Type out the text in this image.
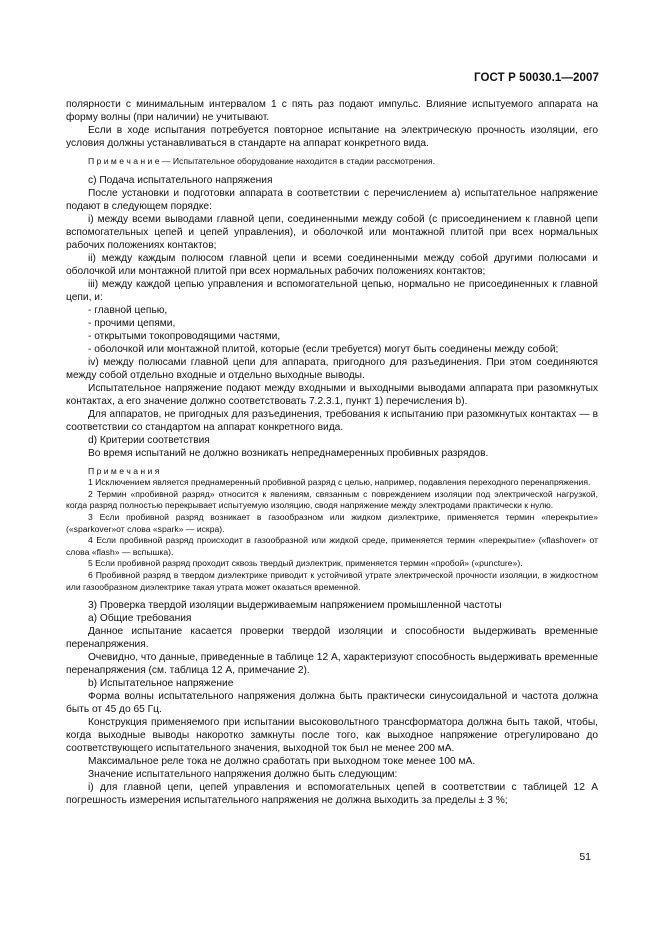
ГОСТ Р 50030.1—2007

полярности с минимальным интервалом 1 с пять раз подают импульс. Влияние испытуемого аппарата на форму волны (при наличии) не учитывают.

Если в ходе испытания потребуется повторное испытание на электрическую прочность изоляции, его условия должны устанавливаться в стандарте на аппарат конкретного вида.

П р и м е ч а н и е — Испытательное оборудование находится в стадии рассмотрения.

c) Подача испытательного напряжения

После установки и подготовки аппарата в соответствии с перечислением a) испытательное напряжение подают в следующем порядке:

i) между всеми выводами главной цепи, соединенными между собой (с присоединением к главной цепи вспомогательных цепей и цепей управления), и оболочкой или монтажной плитой при всех нормальных рабочих положениях контактов;

ii) между каждым полюсом главной цепи и всеми соединенными между собой другими полюсами и оболочкой или монтажной плитой при всех нормальных рабочих положениях контактов;

iii) между каждой цепью управления и вспомогательной цепью, нормально не присоединенных к главной цепи, и:

- главной цепью,

- прочими цепями,

- открытыми токопроводящими частями,

- оболочкой или монтажной плитой, которые (если требуется) могут быть соединены между собой;

iv) между полюсами главной цепи для аппарата, пригодного для разъединения. При этом соединяются между собой отдельно входные и отдельно выходные выводы.

Испытательное напряжение подают между входными и выходными выводами аппарата при разомкнутых контактах, а его значение должно соответствовать 7.2.3.1, пункт 1) перечисления b).

Для аппаратов, не пригодных для разъединения, требования к испытанию при разомкнутых контактах — в соответствии со стандартом на аппарат конкретного вида.

d) Критерии соответствия

Во время испытаний не должно возникать непреднамеренных пробивных разрядов.

П р и м е ч а н и я

1 Исключением является преднамеренный пробивной разряд с целью, например, подавления переходного перенапряжения.

2 Термин «пробивной разряд» относится к явлениям, связанным с повреждением изоляции под электрической нагрузкой, когда разряд полностью перекрывает испытуемую изоляцию, сводя напряжение между электродами практически к нулю.

3 Если пробивной разряд возникает в газообразном или жидком диэлектрике, применяется термин «перекрытие» («sparkover»от слова «spark» — искра).

4 Если пробивной разряд происходит в газообразной или жидкой среде, применяется термин «перекрытие» («flashover» от слова «flash» — вспышка).

5 Если пробивной разряд проходит сквозь твердый диэлектрик, применяется термин «пробой» («puncture»).

6 Пробивной разряд в твердом диэлектрике приводит к устойчивой утрате электрической прочности изоляции, в жидкостном или газообразном диэлектрике такая утрата может оказаться временной.

3) Проверка твердой изоляции выдерживаемым напряжением промышленной частоты

a) Общие требования

Данное испытание касается проверки твердой изоляции и способности выдерживать временные перенапряжения.

Очевидно, что данные, приведенные в таблице 12 А, характеризуют способность выдерживать временные перенапряжения (см. таблица 12 А, примечание 2).

b) Испытательное напряжение

Форма волны испытательного напряжения должна быть практически синусоидальной и частота должна быть от 45 до 65 Гц.

Конструкция применяемого при испытании высоковольтного трансформатора должна быть такой, чтобы, когда выходные выводы накоротко замкнуты после того, как выходное напряжение отрегулировано до соответствующего испытательного значения, выходной ток был не менее 200 мА.

Максимальное реле тока не должно сработать при выходном токе менее 100 мА.

Значение испытательного напряжения должно быть следующим:

i) для главной цепи, цепей управления и вспомогательных цепей в соответствии с таблицей 12 А погрешность измерения испытательного напряжения не должна выходить за пределы ± 3 %;

51
